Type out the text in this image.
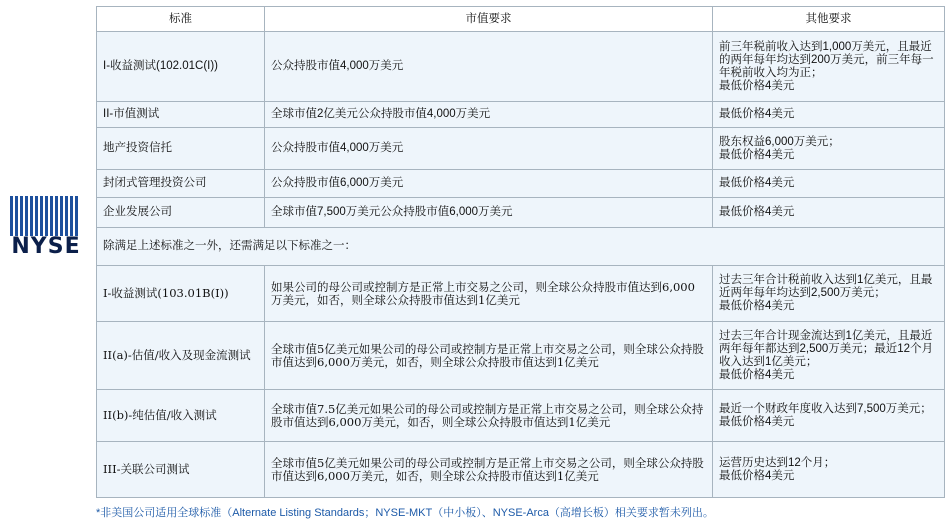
NYSE
标准	市值要求	其他要求
I-收益测试(102.01C(I))	公众持股市值4,000万美元	前三年税前收入达到1,000万美元，且最近的两年每年均达到200万美元，前三年每一年税前收入均为正；
最低价格4美元
II-市值测试	全球市值2亿美元公众持股市值4,000万美元	最低价格4美元
地产投资信托	公众持股市值4,000万美元	股东权益6,000万美元；
最低价格4美元
封闭式管理投资公司	公众持股市值6,000万美元	最低价格4美元
企业发展公司	全球市值7,500万美元公众持股市值6,000万美元	最低价格4美元
除满足上述标准之一外，还需满足以下标准之一：		
I-收益测试(103.01B(I))	如果公司的母公司或控制方是正常上市交易之公司，则全球公众持股市值达到6,000万美元，如否，则全球公众持股市值达到1亿美元	过去三年合计税前收入达到1亿美元，且最近两年每年均达到2,500万美元；
最低价格4美元
II(a)-估值/收入及现金流测试	全球市值5亿美元如果公司的母公司或控制方是正常上市交易之公司，则全球公众持股市值达到6,000万美元，如否，则全球公众持股市值达到1亿美元	过去三年合计现金流达到1亿美元，且最近两年每年都达到2,500万美元；最近12个月收入达到1亿美元；
最低价格4美元
II(b)-纯估值/收入测试	全球市值7.5亿美元如果公司的母公司或控制方是正常上市交易之公司，则全球公众持股市值达到6,000万美元，如否，则全球公众持股市值达到1亿美元	最近一个财政年度收入达到7,500万美元；
最低价格4美元
III-关联公司测试	全球市值5亿美元如果公司的母公司或控制方是正常上市交易之公司，则全球公众持股市值达到6,000万美元，如否，则全球公众持股市值达到1亿美元	运营历史达到12个月；
最低价格4美元
*非美国公司适用全球标准（Alternate Listing Standards；NYSE-MKT（中小板）、NYSE-Arca（高增长板）相关要求暂未列出。
